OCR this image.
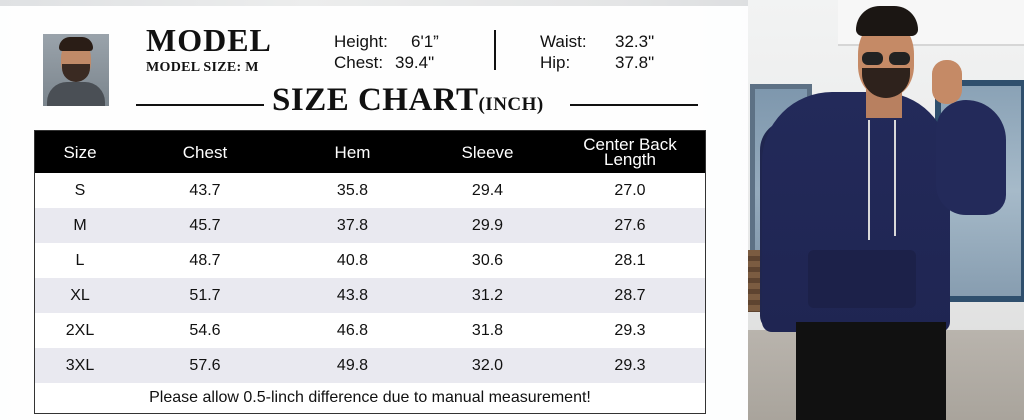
MODEL
MODEL SIZE: M
Height: 6'1”
Chest: 39.4"
Waist: 32.3"
Hip:	37.8"
SIZE CHART(INCH)
Size	Chest	Hem	Sleeve	Center Back
Length
S	43.7	35.8	29.4	27.0
M	45.7	37.8	29.9	27.6
L	48.7	40.8	30.6	28.1
XL	51.7	43.8	31.2	28.7
2XL	54.6	46.8	31.8	29.3
3XL	57.6	49.8	32.0	29.3
Please allow 0.5-linch difference due to manual measurement!
